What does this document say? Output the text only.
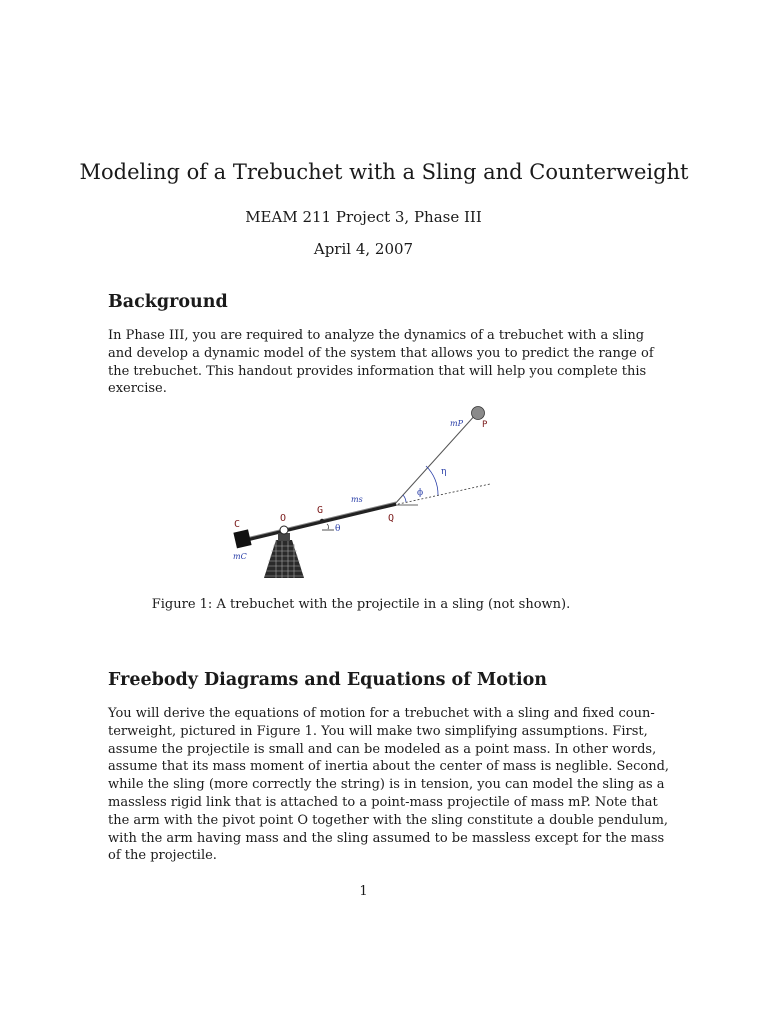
Modeling of a Trebuchet with a Sling and Counterweight
MEAM 211 Project 3, Phase III
April 4, 2007
Background
In Phase III, you are required to analyze the dynamics of a trebuchet with a sling
and develop a dynamic model of the system that allows you to predict the range of
the trebuchet. This handout provides information that will help you complete this
exercise.
C
O
G
Q
P
mP
ms
mC
θ
ϕ
η
Figure 1: A trebuchet with the projectile in a sling (not shown).
Freebody Diagrams and Equations of Motion
You will derive the equations of motion for a trebuchet with a sling and fixed coun-
terweight, pictured in Figure 1. You will make two simplifying assumptions. First,
assume the projectile is small and can be modeled as a point mass. In other words,
assume that its mass moment of inertia about the center of mass is neglible. Second,
while the sling (more correctly the string) is in tension, you can model the sling as a
massless rigid link that is attached to a point-mass projectile of mass mP. Note that
the arm with the pivot point O together with the sling constitute a double pendulum,
with the arm having mass and the sling assumed to be massless except for the mass
of the projectile.
1
